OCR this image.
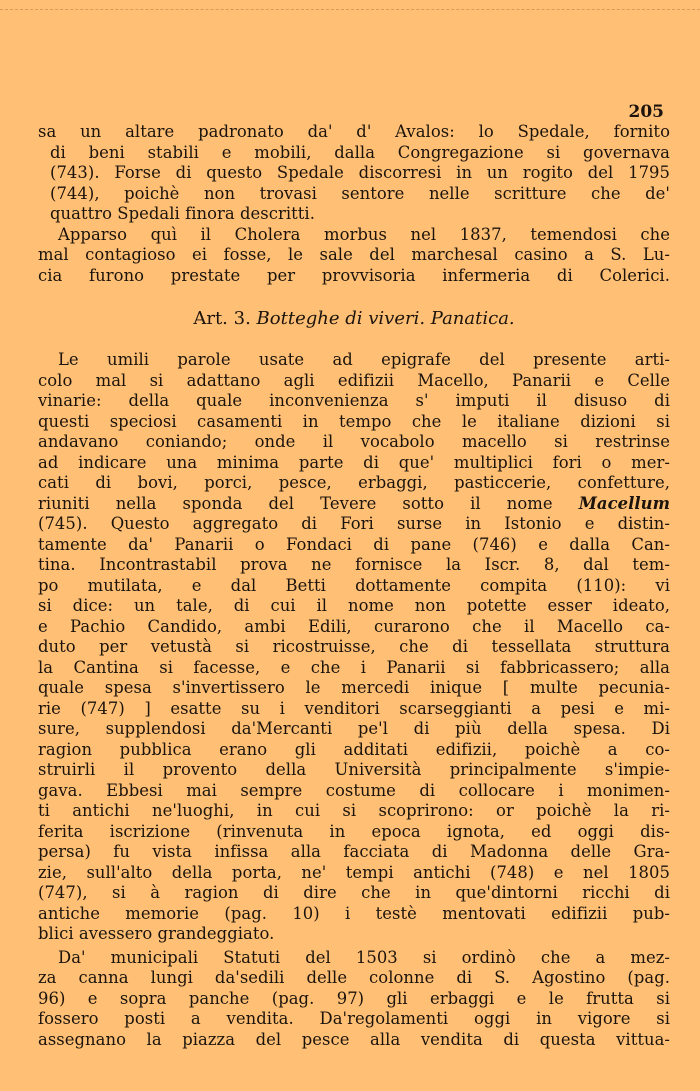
205
sa un altare padronato da' d' Avalos: lo Spedale, fornito
di beni stabili e mobili, dalla Congregazione si governava
(743). Forse di questo Spedale discorresi in un rogito del 1795
(744), poichè non trovasi sentore nelle scritture che de'
quattro Spedali finora descritti.
Apparso quì il Cholera morbus nel 1837, temendosi che
mal contagioso ei fosse, le sale del marchesal casino a S. Lu-
cia furono prestate per provvisoria infermeria di Colerici.
Art. 3. Botteghe di viveri. Panatica.
Le umili parole usate ad epigrafe del presente arti-
colo mal si adattano agli edifizii Macello, Panarii e Celle
vinarie: della quale inconvenienza s' imputi il disuso di
questi speciosi casamenti in tempo che le italiane dizioni si
andavano coniando; onde il vocabolo macello si restrinse
ad indicare una minima parte di que' multiplici fori o mer-
cati di bovi, porci, pesce, erbaggi, pasticcerie, confetture,
riuniti nella sponda del Tevere sotto il nome Macellum
(745). Questo aggregato di Fori surse in Istonio e distin-
tamente da' Panarii o Fondaci di pane (746) e dalla Can-
tina. Incontrastabil prova ne fornisce la Iscr. 8, dal tem-
po mutilata, e dal Betti dottamente compita (110): vi
si dice: un tale, di cui il nome non potette esser ideato,
e Pachio Candido, ambi Edili, curarono che il Macello ca-
duto per vetustà si ricostruisse, che di tessellata struttura
la Cantina si facesse, e che i Panarii si fabbricassero; alla
quale spesa s'invertissero le mercedi inique [ multe pecunia-
rie (747) ] esatte su i venditori scarseggianti a pesi e mi-
sure, supplendosi da'Mercanti pe'l di più della spesa. Di
ragion pubblica erano gli additati edifizii, poichè a co-
struirli il provento della Università principalmente s'impie-
gava. Ebbesi mai sempre costume di collocare i monimen-
ti antichi ne'luoghi, in cui si scoprirono: or poichè la ri-
ferita iscrizione (rinvenuta in epoca ignota, ed oggi dis-
persa) fu vista infissa alla facciata di Madonna delle Gra-
zie, sull'alto della porta, ne' tempi antichi (748) e nel 1805
(747), si à ragion di dire che in que'dintorni ricchi di
antiche memorie (pag. 10) i testè mentovati edifizii pub-
blici avessero grandeggiato.
Da' municipali Statuti del 1503 si ordinò che a mez-
za canna lungi da'sedili delle colonne di S. Agostino (pag.
96) e sopra panche (pag. 97) gli erbaggi e le frutta si
fossero posti a vendita. Da'regolamenti oggi in vigore si
assegnano la piazza del pesce alla vendita di questa vittua-
